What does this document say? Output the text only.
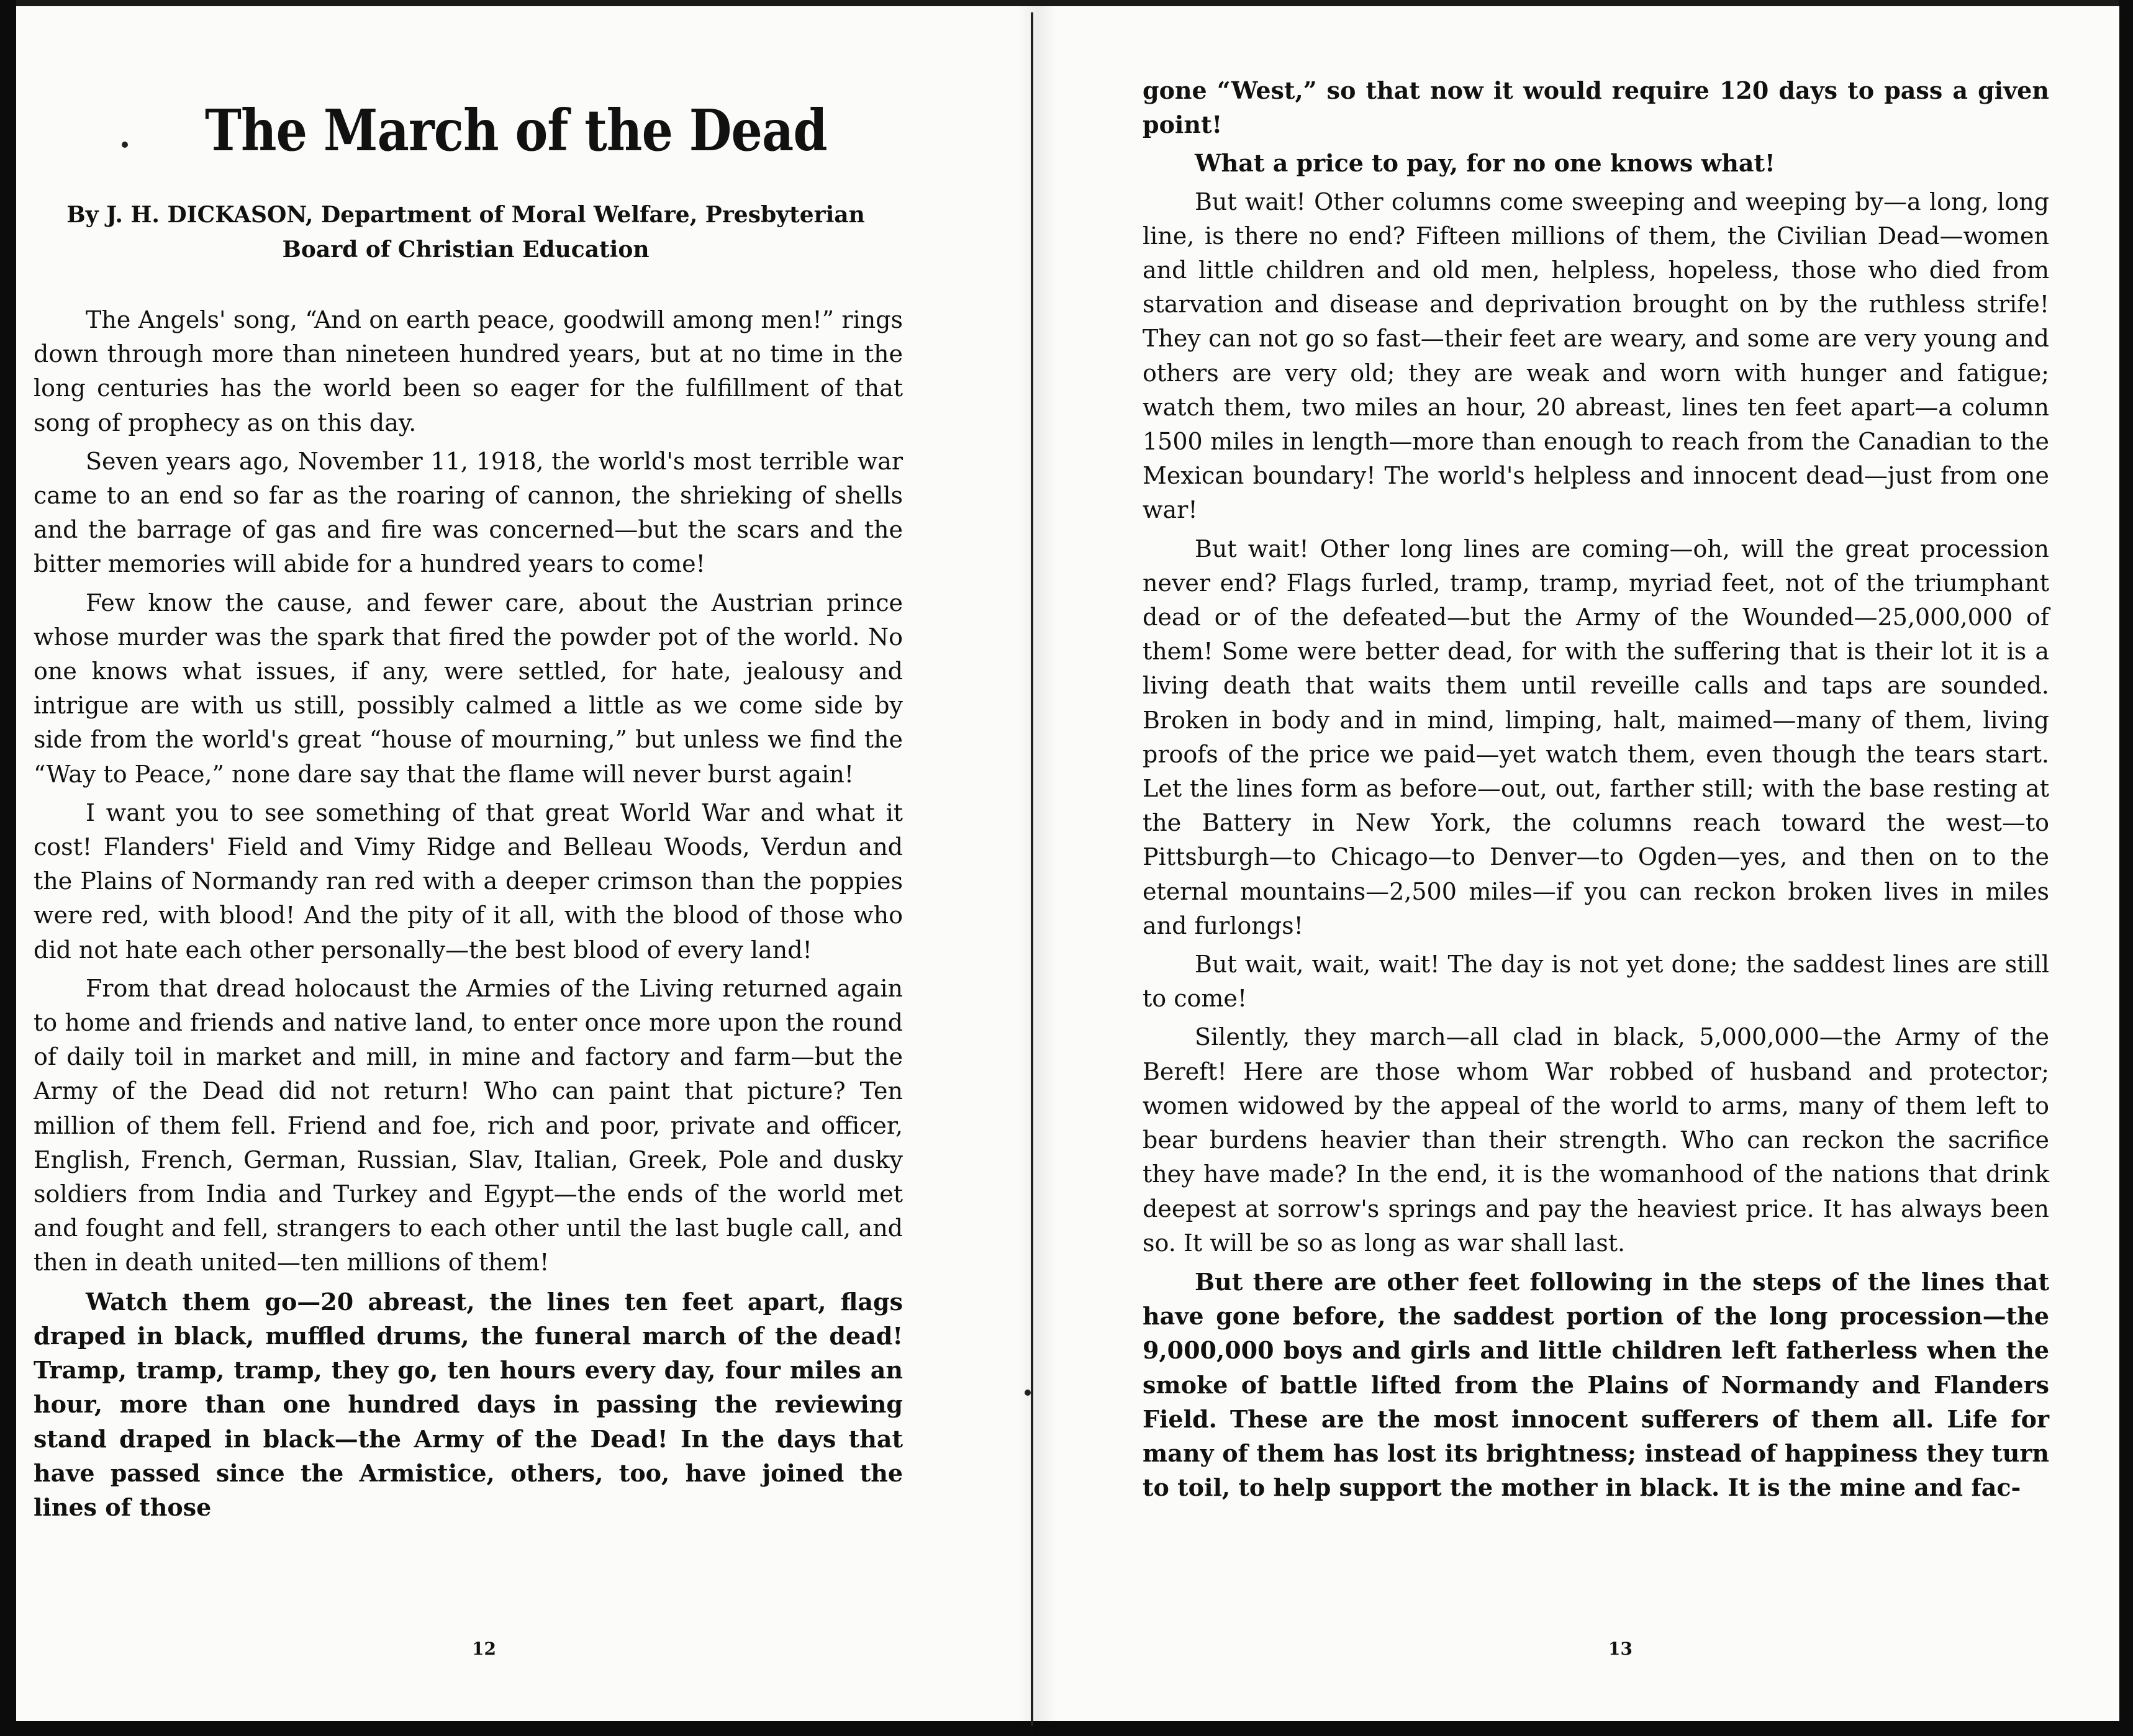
The March of the Dead
By J. H. DICKASON, Department of Moral Welfare, Presbyterian Board of Christian Education

The Angels' song, “And on earth peace, goodwill among men!” rings down through more than nineteen hundred years, but at no time in the long centuries has the world been so eager for the fulfillment of that song of prophecy as on this day.

Seven years ago, November 11, 1918, the world's most terrible war came to an end so far as the roaring of cannon, the shrieking of shells and the barrage of gas and fire was concerned—but the scars and the bitter memories will abide for a hundred years to come!

Few know the cause, and fewer care, about the Austrian prince whose murder was the spark that fired the powder pot of the world. No one knows what issues, if any, were settled, for hate, jealousy and intrigue are with us still, possibly calmed a little as we come side by side from the world's great “house of mourning,” but unless we find the “Way to Peace,” none dare say that the flame will never burst again!

I want you to see something of that great World War and what it cost! Flanders' Field and Vimy Ridge and Belleau Woods, Verdun and the Plains of Normandy ran red with a deeper crimson than the poppies were red, with blood! And the pity of it all, with the blood of those who did not hate each other personally—the best blood of every land!

From that dread holocaust the Armies of the Living returned again to home and friends and native land, to enter once more upon the round of daily toil in market and mill, in mine and factory and farm—but the Army of the Dead did not return! Who can paint that picture? Ten million of them fell. Friend and foe, rich and poor, private and officer, English, French, German, Russian, Slav, Italian, Greek, Pole and dusky soldiers from India and Turkey and Egypt—the ends of the world met and fought and fell, strangers to each other until the last bugle call, and then in death united—ten millions of them!

Watch them go—20 abreast, the lines ten feet apart, flags draped in black, muffled drums, the funeral march of the dead! Tramp, tramp, tramp, they go, ten hours every day, four miles an hour, more than one hundred days in passing the reviewing stand draped in black—the Army of the Dead! In the days that have passed since the Armistice, others, too, have joined the lines of those

12

gone “West,” so that now it would require 120 days to pass a given point!

What a price to pay, for no one knows what!

But wait! Other columns come sweeping and weeping by—a long, long line, is there no end? Fifteen millions of them, the Civilian Dead—women and little children and old men, helpless, hopeless, those who died from starvation and disease and deprivation brought on by the ruthless strife! They can not go so fast—their feet are weary, and some are very young and others are very old; they are weak and worn with hunger and fatigue; watch them, two miles an hour, 20 abreast, lines ten feet apart—a column 1500 miles in length—more than enough to reach from the Canadian to the Mexican boundary! The world's helpless and innocent dead—just from one war!

But wait! Other long lines are coming—oh, will the great procession never end? Flags furled, tramp, tramp, myriad feet, not of the triumphant dead or of the defeated—but the Army of the Wounded—25,000,000 of them! Some were better dead, for with the suffering that is their lot it is a living death that waits them until reveille calls and taps are sounded. Broken in body and in mind, limping, halt, maimed—many of them, living proofs of the price we paid—yet watch them, even though the tears start. Let the lines form as before—out, out, farther still; with the base resting at the Battery in New York, the columns reach toward the west—to Pittsburgh—to Chicago—to Denver—to Ogden—yes, and then on to the eternal mountains—2,500 miles—if you can reckon broken lives in miles and furlongs!

But wait, wait, wait! The day is not yet done; the saddest lines are still to come!

Silently, they march—all clad in black, 5,000,000—the Army of the Bereft! Here are those whom War robbed of husband and protector; women widowed by the appeal of the world to arms, many of them left to bear burdens heavier than their strength. Who can reckon the sacrifice they have made? In the end, it is the womanhood of the nations that drink deepest at sorrow's springs and pay the heaviest price. It has always been so. It will be so as long as war shall last.

But there are other feet following in the steps of the lines that have gone before, the saddest portion of the long procession—the 9,000,000 boys and girls and little children left fatherless when the smoke of battle lifted from the Plains of Normandy and Flanders Field. These are the most innocent sufferers of them all. Life for many of them has lost its brightness; instead of happiness they turn to toil, to help support the mother in black. It is the mine and fac-

13
